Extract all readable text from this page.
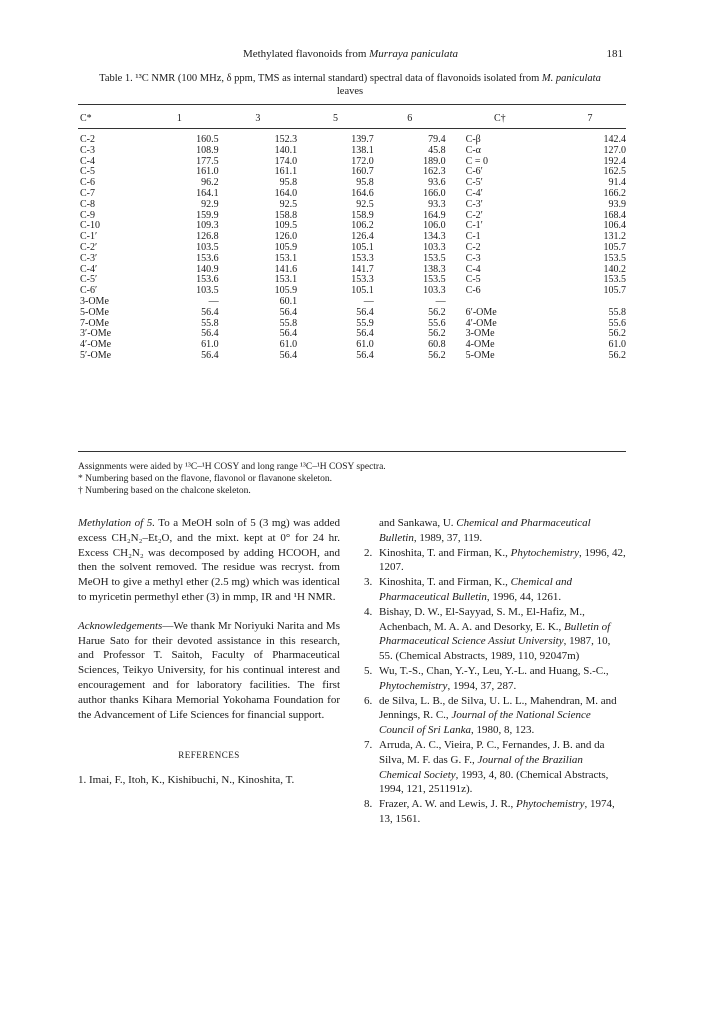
Methylated flavonoids from Murraya paniculata	181
Table 1. ¹³C NMR (100 MHz, δ ppm, TMS as internal standard) spectral data of flavonoids isolated from M. paniculata
leaves
C*	1	3	5	6	C†	7
C-2	160.5	152.3	139.7	79.4	C-β	142.4
C-3	108.9	140.1	138.1	45.8	C-α	127.0
C-4	177.5	174.0	172.0	189.0	C = 0	192.4
C-5	161.0	161.1	160.7	162.3	C-6′	162.5
C-6	96.2	95.8	95.8	93.6	C-5′	91.4
C-7	164.1	164.0	164.6	166.0	C-4′	166.2
C-8	92.9	92.5	92.5	93.3	C-3′	93.9
C-9	159.9	158.8	158.9	164.9	C-2′	168.4
C-10	109.3	109.5	106.2	106.0	C-1′	106.4
C-1′	126.8	126.0	126.4	134.3	C-1	131.2
C-2′	103.5	105.9	105.1	103.3	C-2	105.7
C-3′	153.6	153.1	153.3	153.5	C-3	153.5
C-4′	140.9	141.6	141.7	138.3	C-4	140.2
C-5′	153.6	153.1	153.3	153.5	C-5	153.5
C-6′	103.5	105.9	105.1	103.3	C-6	105.7
3-OMe	—	60.1	—	—		
5-OMe	56.4	56.4	56.4	56.2	6′-OMe	55.8
7-OMe	55.8	55.8	55.9	55.6	4′-OMe	55.6
3′-OMe	56.4	56.4	56.4	56.2	3-OMe	56.2
4′-OMe	61.0	61.0	61.0	60.8	4-OMe	61.0
5′-OMe	56.4	56.4	56.4	56.2	5-OMe	56.2

Assignments were aided by ¹³C–¹H COSY and long range ¹³C–¹H COSY spectra.

* Numbering based on the flavone, flavonol or flavanone skeleton.

† Numbering based on the chalcone skeleton.

Methylation of 5. To a MeOH soln of 5 (3 mg) was added excess CH₂N₂–Et₂O, and the mixt. kept at 0° for 24 hr. Excess CH₂N₂ was decomposed by adding HCOOH, and then the solvent removed. The residue was recryst. from MeOH to give a methyl ether (2.5 mg) which was identical to myricetin permethyl ether (3) in mmp, IR and ¹H NMR.

Acknowledgements—We thank Mr Noriyuki Narita and Ms Harue Sato for their devoted assistance in this research, and Professor T. Saitoh, Faculty of Pharmaceutical Sciences, Teikyo University, for his continual interest and encouragement and for laboratory facilities. The first author thanks Kihara Memorial Yokohama Foundation for the Advancement of Life Sciences for financial support.

REFERENCES

1. Imai, F., Itoh, K., Kishibuchi, N., Kinoshita, T.

and Sankawa, U. Chemical and Pharmaceutical Bulletin, 1989, 37, 119.
2. Kinoshita, T. and Firman, K., Phytochemistry, 1996, 42, 1207.
3. Kinoshita, T. and Firman, K., Chemical and Pharmaceutical Bulletin, 1996, 44, 1261.
4. Bishay, D. W., El-Sayyad, S. M., El-Hafiz, M., Achenbach, M. A. A. and Desorky, E. K., Bulletin of Pharmaceutical Science Assiut University, 1987, 10, 55. (Chemical Abstracts, 1989, 110, 92047m)
5. Wu, T.-S., Chan, Y.-Y., Leu, Y.-L. and Huang, S.-C., Phytochemistry, 1994, 37, 287.
6. de Silva, L. B., de Silva, U. L. L., Mahendran, M. and Jennings, R. C., Journal of the National Science Council of Sri Lanka, 1980, 8, 123.
7. Arruda, A. C., Vieira, P. C., Fernandes, J. B. and da Silva, M. F. das G. F., Journal of the Brazilian Chemical Society, 1993, 4, 80. (Chemical Abstracts, 1994, 121, 251191z).
8. Frazer, A. W. and Lewis, J. R., Phytochemistry, 1974, 13, 1561.
